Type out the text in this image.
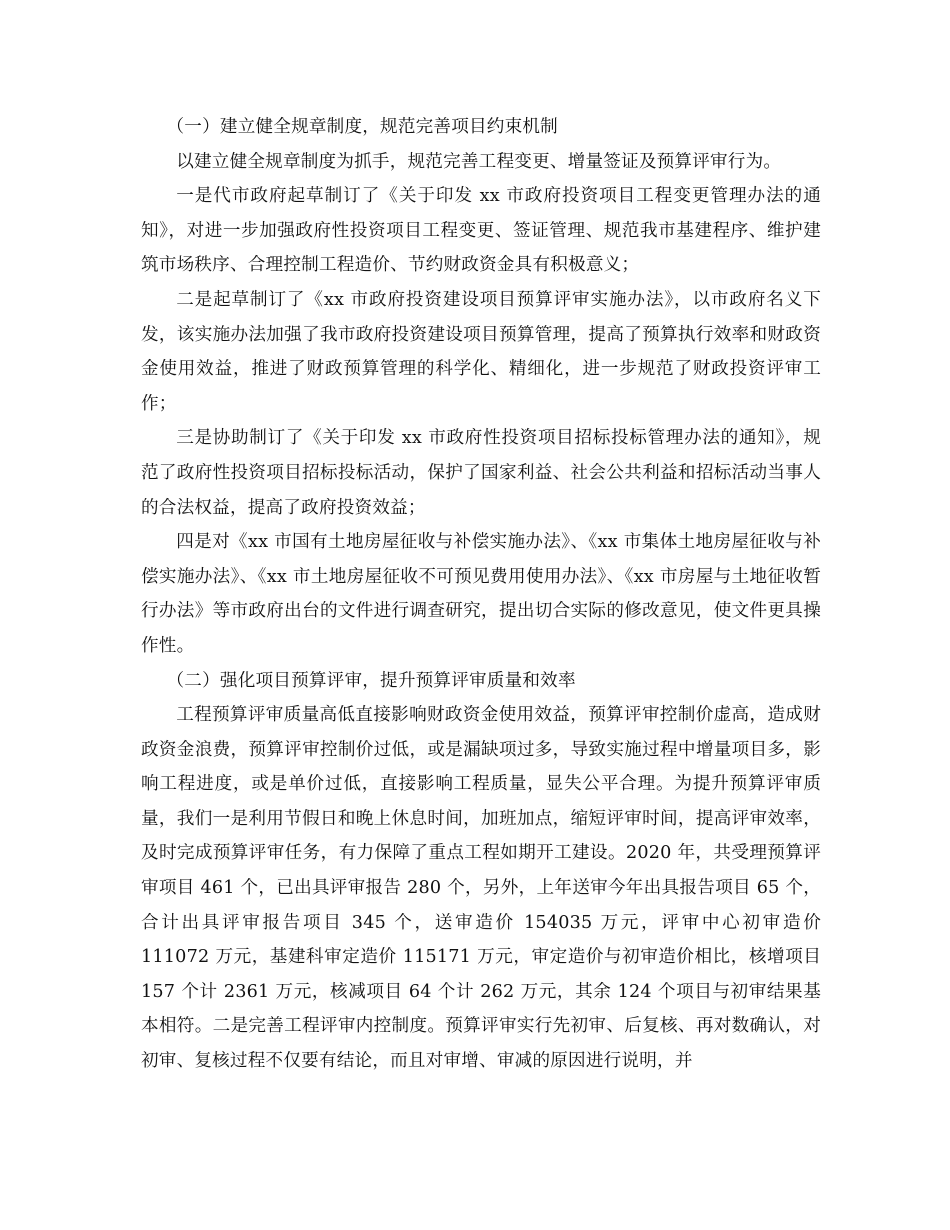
（一）建立健全规章制度，规范完善项目约束机制

以建立健全规章制度为抓手，规范完善工程变更、增量签证及预算评审行为。

一是代市政府起草制订了《关于印发 xx 市政府投资项目工程变更管理办法的通知》，对进一步加强政府性投资项目工程变更、签证管理、规范我市基建程序、维护建筑市场秩序、合理控制工程造价、节约财政资金具有积极意义；

二是起草制订了《xx 市政府投资建设项目预算评审实施办法》，以市政府名义下发，该实施办法加强了我市政府投资建设项目预算管理，提高了预算执行效率和财政资金使用效益，推进了财政预算管理的科学化、精细化，进一步规范了财政投资评审工作；

三是协助制订了《关于印发 xx 市政府性投资项目招标投标管理办法的通知》，规范了政府性投资项目招标投标活动，保护了国家利益、社会公共利益和招标活动当事人的合法权益，提高了政府投资效益；

四是对《xx 市国有土地房屋征收与补偿实施办法》、《xx 市集体土地房屋征收与补偿实施办法》、《xx 市土地房屋征收不可预见费用使用办法》、《xx 市房屋与土地征收暂行办法》等市政府出台的文件进行调查研究，提出切合实际的修改意见，使文件更具操作性。

（二）强化项目预算评审，提升预算评审质量和效率

工程预算评审质量高低直接影响财政资金使用效益，预算评审控制价虚高，造成财政资金浪费，预算评审控制价过低，或是漏缺项过多，导致实施过程中增量项目多，影响工程进度，或是单价过低，直接影响工程质量，显失公平合理。为提升预算评审质量，我们一是利用节假日和晚上休息时间，加班加点，缩短评审时间，提高评审效率，及时完成预算评审任务，有力保障了重点工程如期开工建设。2020 年，共受理预算评审项目 461 个，已出具评审报告 280 个，另外，上年送审今年出具报告项目 65 个，合计出具评审报告项目 345 个，送审造价 154035 万元，评审中心初审造价 111072 万元，基建科审定造价 115171 万元，审定造价与初审造价相比，核增项目 157 个计 2361 万元，核减项目 64 个计 262 万元，其余 124 个项目与初审结果基本相符。二是完善工程评审内控制度。预算评审实行先初审、后复核、再对数确认，对初审、复核过程不仅要有结论，而且对审增、审减的原因进行说明，并
